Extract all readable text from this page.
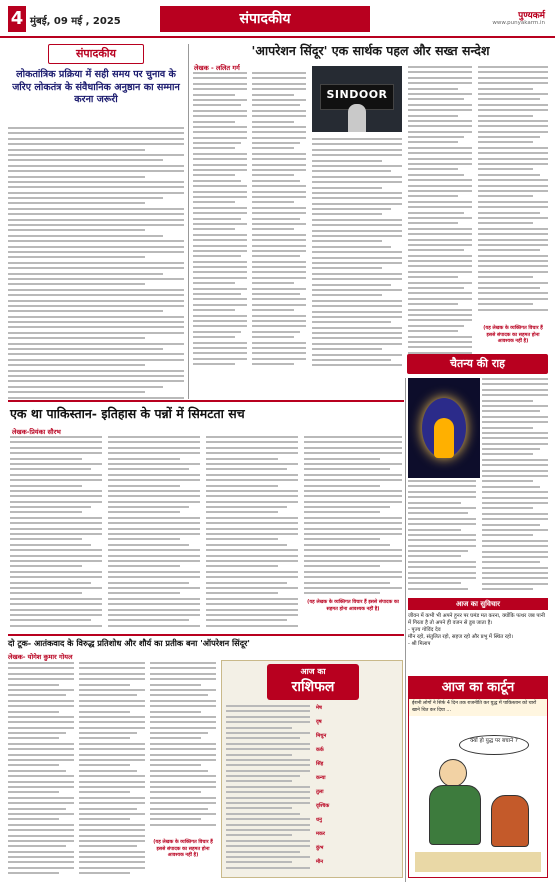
4 मुंबई, 09 मई , 2025	संपादकीय	पुण्यकर्म
www.punyakarm.in
संपादकीय
लोकतांत्रिक प्रक्रिया में सही समय पर चुनाव के जरिए लोकतंत्र के संवैधानिक अनुष्ठान का सम्मान करना जरूरी
'आपरेशन सिंदूर' एक सार्थक पहल और सख्त सन्देश
लेखक - ललित गर्ग
SINDOOR
(यह लेखक के व्यक्तिगत विचार हैं इससे संपादक का सहमत होना आवश्यक नहीं है)
चैतन्य की राह
एक था पाकिस्तान- इतिहास के पन्नों में सिमटता सच
लेखक-प्रियंका सौरभ
(यह लेखक के व्यक्तिगत विचार हैं इससे संपादक का सहमत होना आवश्यक नहीं है)
आज का सुविचार
जीवन में कभी भी अपने हुनर पर घमंड मत करना, क्योंकि पत्थर जब पानी में गिरता है तो अपने ही वजन से डूब जाता है।
- पूज्य गोविंद देव
मौन रहो, संतुलित रहो, सहज रहो और प्रभु में स्थित रहो।
- श्री मिलाप
आज का कार्टून
ईरानी लोगों ने सिर्फ 4 दिन तक राजनीति कर युद्ध में पाकिस्तान को चारों खाने चित कर दिया ...
क्यों हो युद्ध पर बचाने ?
दो टूक- आतंकवाद के विरुद्ध प्रतिशोध और शौर्य का प्रतीक बना 'ऑपरेशन सिंदूर'
लेखक- योगेश कुमार गोयल
(यह लेखक के व्यक्तिगत विचार हैं इससे संपादक का सहमत होना आवश्यक नहीं है)
आज का
राशिफल
मेष
वृष
मिथुन
कर्क
सिंह
कन्या
तुला
वृश्चिक
धनु
मकर
कुंभ
मीन
